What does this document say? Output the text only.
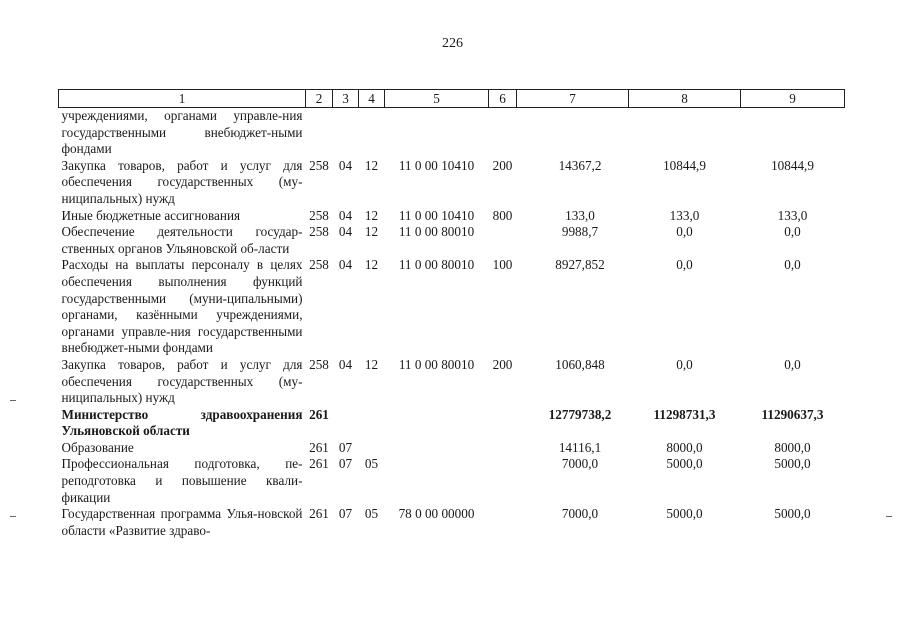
226
1	2	3	4	5	6	7	8	9
учреждениями, органами управле-ния государственными внебюджет-ными фондами								
Закупка товаров, работ и услуг для обеспечения государственных (му-ниципальных) нужд	258	04	12	11 0 00 10410	200	14367,2	10844,9	10844,9
Иные бюджетные ассигнования	258	04	12	11 0 00 10410	800	133,0	133,0	133,0
Обеспечение деятельности государ-ственных органов Ульяновской об-ласти	258	04	12	11 0 00 80010		9988,7	0,0	0,0
Расходы на выплаты персоналу в целях обеспечения выполнения функций государственными (муни-ципальными) органами, казёнными учреждениями, органами управле-ния государственными внебюджет-ными фондами	258	04	12	11 0 00 80010	100	8927,852	0,0	0,0
Закупка товаров, работ и услуг для обеспечения государственных (му-ниципальных) нужд	258	04	12	11 0 00 80010	200	1060,848	0,0	0,0
Министерство здравоохранения Ульяновской области	261					12779738,2	11298731,3	11290637,3
Образование	261	07				14116,1	8000,0	8000,0
Профессиональная подготовка, пе-реподготовка и повышение квали-фикации	261	07	05			7000,0	5000,0	5000,0
Государственная программа Улья-новской области «Развитие здраво-	261	07	05	78 0 00 00000		7000,0	5000,0	5000,0
